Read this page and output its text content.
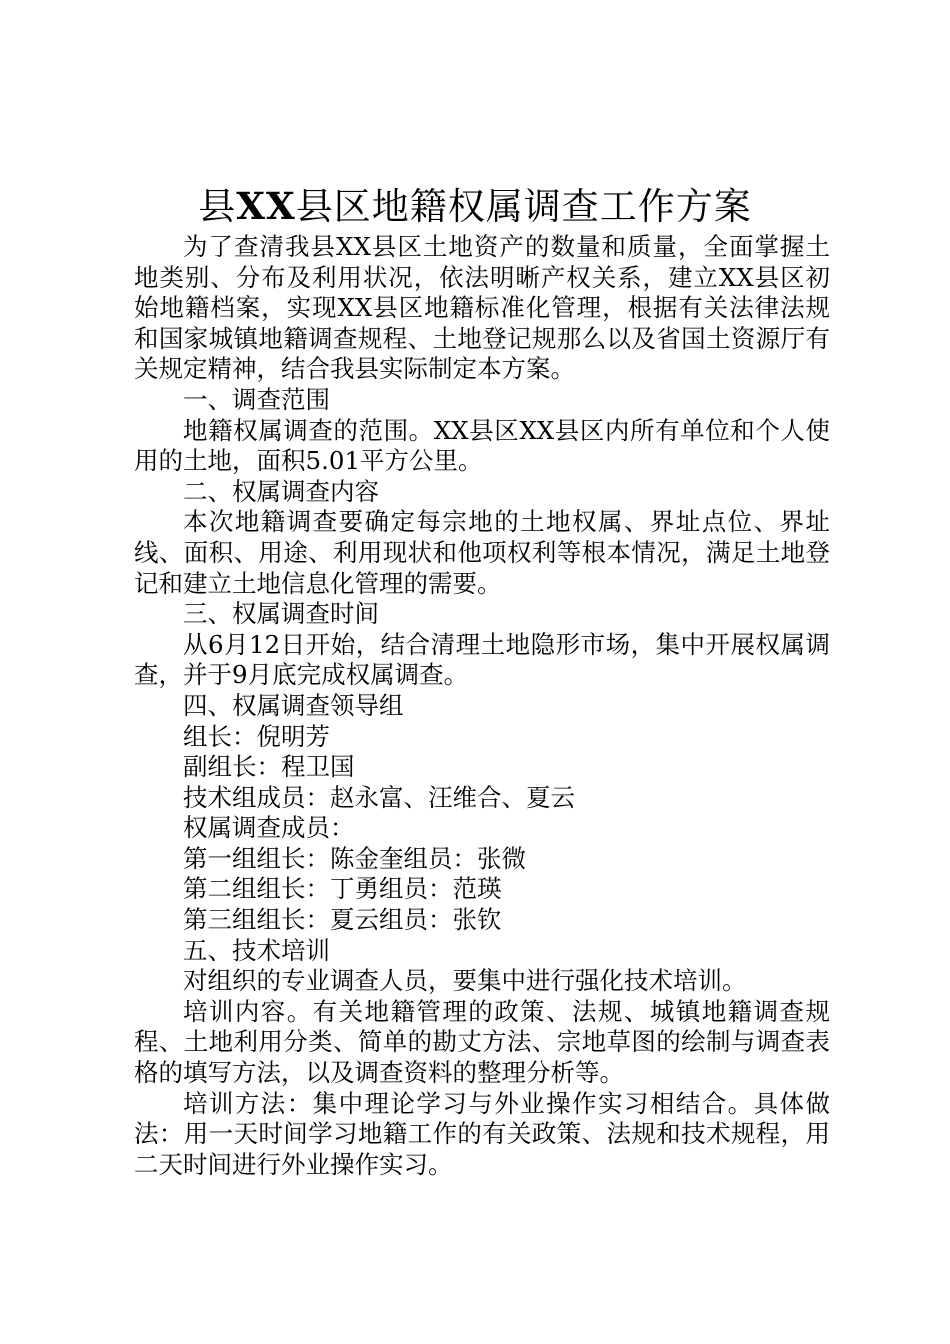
县XX县区地籍权属调查工作方案

为了查清我县XX县区土地资产的数量和质量，全面掌握土地类别、分布及利用状况，依法明晰产权关系，建立XX县区初始地籍档案，实现XX县区地籍标准化管理，根据有关法律法规和国家城镇地籍调查规程、土地登记规那么以及省国土资源厅有关规定精神，结合我县实际制定本方案。

一、调查范围

地籍权属调查的范围。XX县区XX县区内所有单位和个人使用的土地，面积5.01平方公里。

二、权属调查内容

本次地籍调查要确定每宗地的土地权属、界址点位、界址线、面积、用途、利用现状和他项权利等根本情况，满足土地登记和建立土地信息化管理的需要。

三、权属调查时间

从6月12日开始，结合清理土地隐形市场，集中开展权属调查，并于9月底完成权属调查。

四、权属调查领导组

组长：倪明芳

副组长：程卫国

技术组成员：赵永富、汪维合、夏云

权属调查成员：

第一组组长：陈金奎组员：张微

第二组组长：丁勇组员：范瑛

第三组组长：夏云组员：张钦

五、技术培训

对组织的专业调查人员，要集中进行强化技术培训。

培训内容。有关地籍管理的政策、法规、城镇地籍调查规程、土地利用分类、简单的勘丈方法、宗地草图的绘制与调查表格的填写方法，以及调查资料的整理分析等。

培训方法：集中理论学习与外业操作实习相结合。具体做法：用一天时间学习地籍工作的有关政策、法规和技术规程，用二天时间进行外业操作实习。
